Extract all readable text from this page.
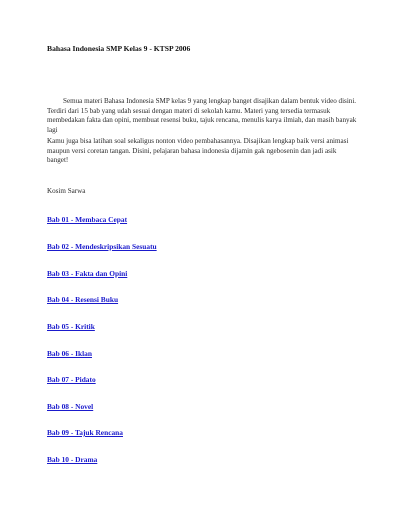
Bahasa Indonesia SMP Kelas 9 - KTSP 2006
Semua materi Bahasa Indonesia SMP kelas 9 yang lengkap banget disajikan dalam bentuk video disini. Terdiri dari 15 bab yang udah sesuai dengan materi di sekolah kamu. Materi yang tersedia termasuk membedakan fakta dan opini, membuat resensi buku, tajuk rencana, menulis karya ilmiah, dan masih banyak lagi
Kamu juga bisa latihan soal sekaligus nonton video pembahasannya. Disajikan lengkap baik versi animasi maupun versi coretan tangan. Disini, pelajaran bahasa indonesia dijamin gak ngebosenin dan jadi asik banget!
Kosim Sarwa
Bab 01 - Membaca Cepat
Bab 02 - Mendeskripsikan Sesuatu
Bab 03 - Fakta dan Opini
Bab 04 - Resensi Buku
Bab 05 - Kritik
Bab 06 - Iklan
Bab 07 - Pidato
Bab 08 - Novel
Bab 09 - Tajuk Rencana
Bab 10 - Drama
